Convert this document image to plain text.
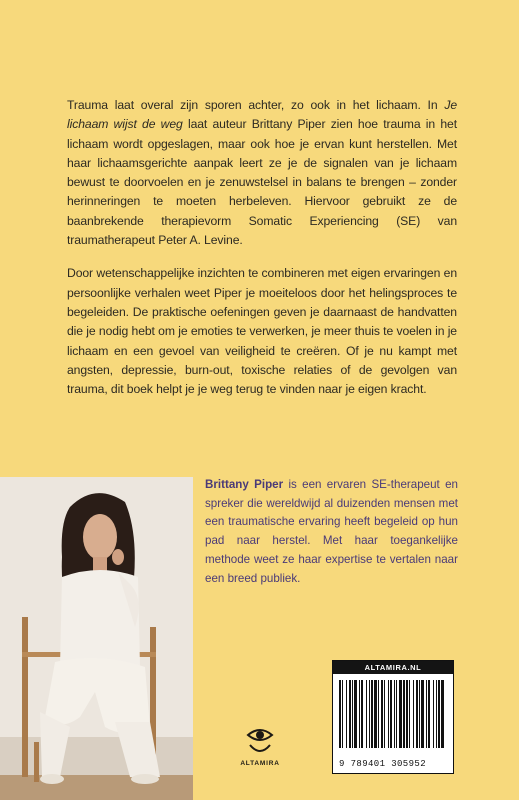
Trauma laat overal zijn sporen achter, zo ook in het lichaam. In Je lichaam wijst de weg laat auteur Brittany Piper zien hoe trauma in het lichaam wordt opgeslagen, maar ook hoe je ervan kunt herstellen. Met haar lichaamsgerichte aanpak leert ze je de signalen van je lichaam bewust te doorvoelen en je zenuwstelsel in balans te brengen – zonder herinneringen te moeten herbeleven. Hiervoor gebruikt ze de baanbrekende therapievorm Somatic Experiencing (SE) van traumatherapeut Peter A. Levine.

Door wetenschappelijke inzichten te combineren met eigen ervaringen en persoonlijke verhalen weet Piper je moeiteloos door het helingsproces te begeleiden. De praktische oefeningen geven je daarnaast de handvatten die je nodig hebt om je emoties te verwerken, je meer thuis te voelen in je lichaam en een gevoel van veiligheid te creëren. Of je nu kampt met angsten, depressie, burn-out, toxische relaties of de gevolgen van trauma, dit boek helpt je je weg terug te vinden naar je eigen kracht.

Brittany Piper is een ervaren SE-therapeut en spreker die wereldwijd al duizenden mensen met een traumatische ervaring heeft begeleid op hun pad naar herstel. Met haar toegankelijke methode weet ze haar expertise te vertalen naar een breed publiek.
ALTAMIRA
ALTAMIRA.NL
9 789401 305952
